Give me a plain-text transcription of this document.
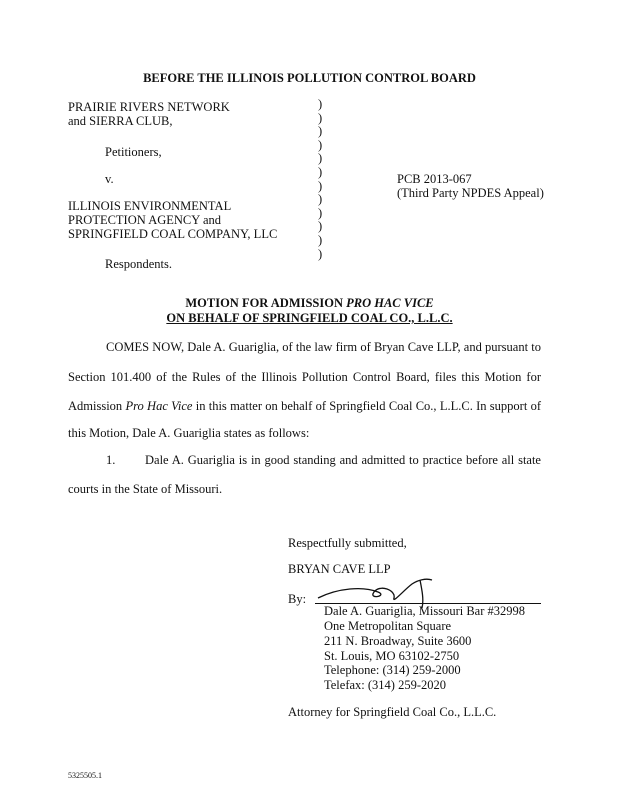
BEFORE THE ILLINOIS POLLUTION CONTROL BOARD
PRAIRIE RIVERS NETWORK
and SIERRA CLUB,
Petitioners,
v.
ILLINOIS ENVIRONMENTAL
PROTECTION AGENCY and
SPRINGFIELD COAL COMPANY, LLC
Respondents.
)
)
)
)
)
)
)
)
)
)
)
)
PCB 2013-067
(Third Party NPDES Appeal)
MOTION FOR ADMISSION PRO HAC VICE
ON BEHALF OF SPRINGFIELD COAL CO., L.L.C.
COMES NOW, Dale A. Guariglia, of the law firm of Bryan Cave LLP, and pursuant to
Section 101.400 of the Rules of the Illinois Pollution Control Board, files this Motion for
Admission Pro Hac Vice in this matter on behalf of Springfield Coal Co., L.L.C. In support of
this Motion, Dale A. Guariglia states as follows:
1. Dale A. Guariglia is in good standing and admitted to practice before all state
courts in the State of Missouri.
Respectfully submitted,
BRYAN CAVE LLP
By:
Dale A. Guariglia, Missouri Bar #32998
One Metropolitan Square
211 N. Broadway, Suite 3600
St. Louis, MO 63102-2750
Telephone: (314) 259-2000
Telefax: (314) 259-2020
Attorney for Springfield Coal Co., L.L.C.
5325505.1
